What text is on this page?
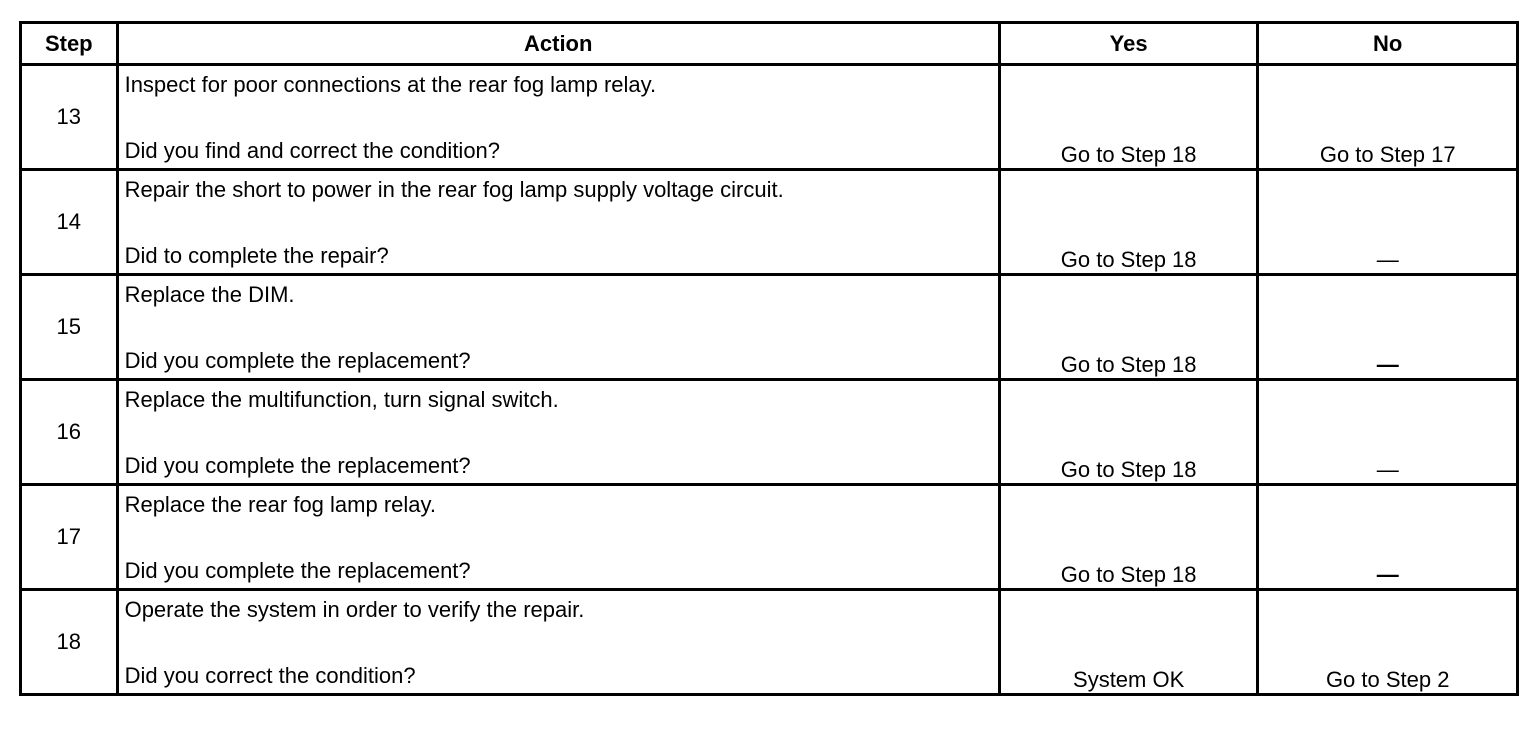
Step	Action	Yes	No
13	Inspect for poor connections at the rear fog lamp relay.
Did you find and correct the condition?	Go to Step 18	Go to Step 17
14	Repair the short to power in the rear fog lamp supply voltage circuit.
Did to complete the repair?	Go to Step 18	—
15	Replace the DIM.
Did you complete the replacement?	Go to Step 18	—
16	Replace the multifunction, turn signal switch.
Did you complete the replacement?	Go to Step 18	—
17	Replace the rear fog lamp relay.
Did you complete the replacement?	Go to Step 18	—
18	Operate the system in order to verify the repair.
Did you correct the condition?	System OK	Go to Step 2
